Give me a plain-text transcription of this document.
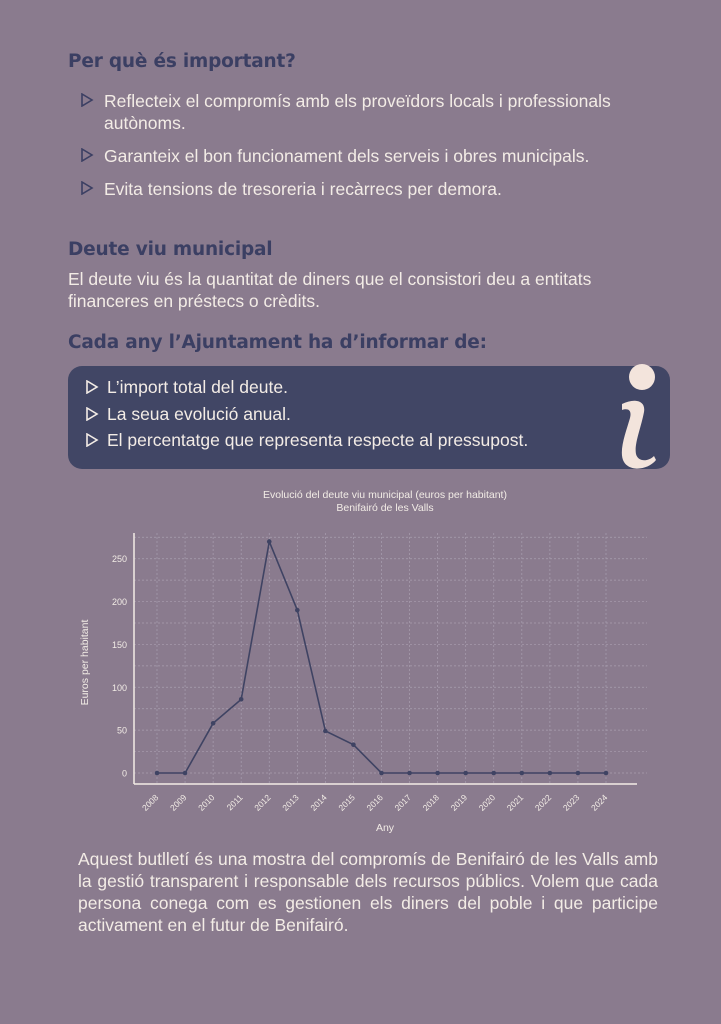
Per què és important?
Reflecteix el compromís amb els proveïdors locals i professionals autònoms.
Garanteix el bon funcionament dels serveis i obres municipals.
Evita tensions de tresoreria i recàrrecs per demora.
Deute viu municipal

El deute viu és la quantitat de diners que el consistori deu a entitats financeres en préstecs o crèdits.

Cada any l’Ajuntament ha d’informar de:
L’import total del deute.
La seua evolució anual.
El percentatge que representa respecte al pressupost.
Evolució del deute viu municipal (euros per habitant)
Benifairó de les Valls
0
50
100
150
200
250
2008 2009 2010 2011 2012 2013 2014 2015 2016 2017 2018 2019 2020 2021 2022 2023 2024
Euros per habitant
Any

Aquest butlletí és una mostra del compromís de Benifairó de les Valls amb la gestió transparent i responsable dels recursos públics. Volem que cada persona conega com es gestionen els diners del poble i que participe activament en el futur de Benifairó.
